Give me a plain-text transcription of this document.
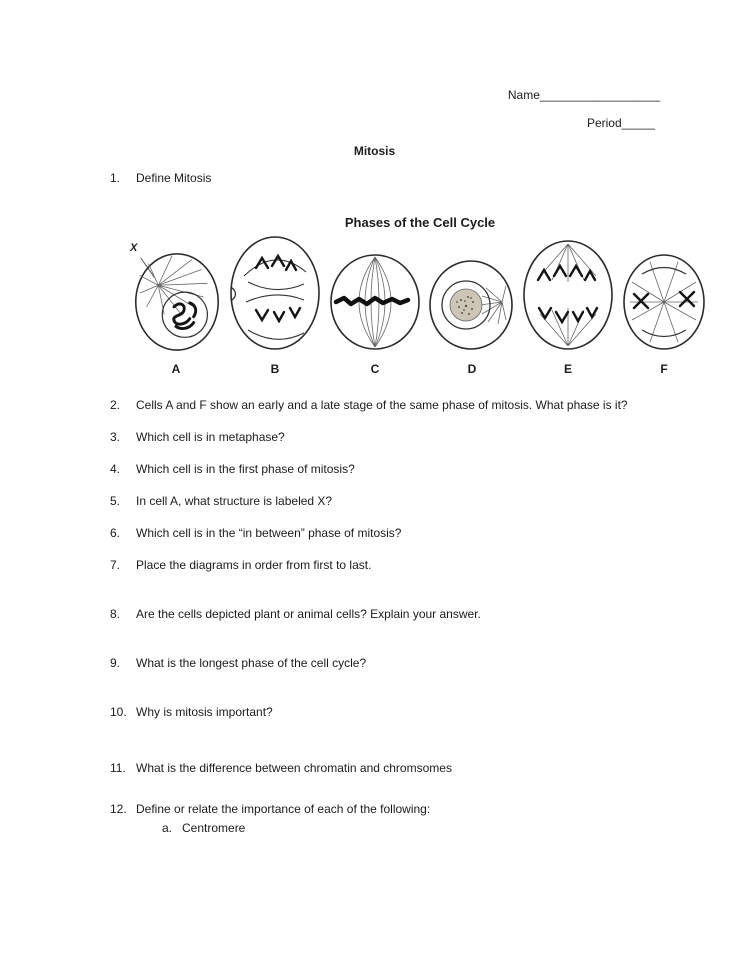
Name__________________
Period_____
Mitosis
1.	Define Mitosis
Phases of the Cell Cycle
X
A	B	C	D	E	F
2.	Cells A and F show an early and a late stage of the same phase of mitosis. What phase is it?
3.	Which cell is in metaphase?
4.	Which cell is in the first phase of mitosis?
5.	In cell A, what structure is labeled X?
6.	Which cell is in the “in between” phase of mitosis?
7.	Place the diagrams in order from first to last.
8.	Are the cells depicted plant or animal cells? Explain your answer.
9.	What is the longest phase of the cell cycle?
10. Why is mitosis important?
11. What is the difference between chromatin and chromsomes
12. Define or relate the importance of each of the following:
a. Centromere
